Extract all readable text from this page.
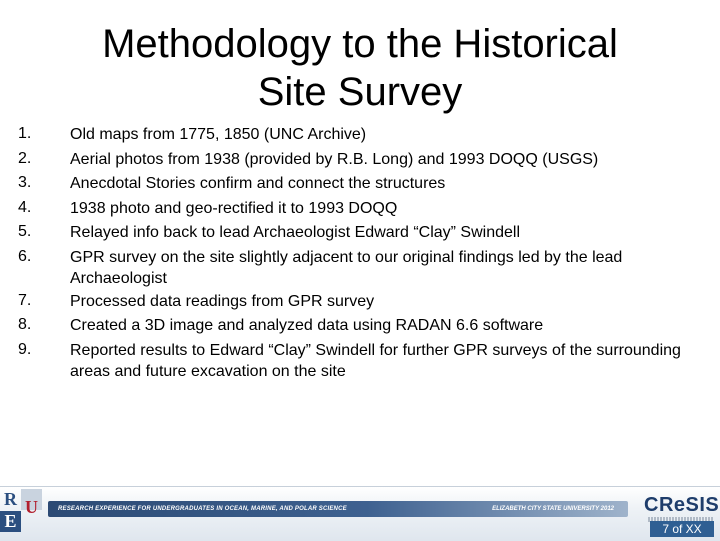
Methodology to the Historical
Site Survey
1.	Old maps from 1775, 1850 (UNC Archive)
2.	Aerial photos from 1938 (provided by R.B. Long) and 1993 DOQQ (USGS)
3.	Anecdotal Stories confirm and connect the structures
4.	1938 photo and geo-rectified it to 1993 DOQQ
5.	Relayed info back to lead Archaeologist Edward “Clay” Swindell
6.	GPR survey on the site slightly adjacent to our original findings led by the lead Archaeologist
7.	Processed data readings from GPR survey
8.	Created a 3D image and analyzed data using RADAN 6.6 software
9.	Reported results to Edward “Clay” Swindell for further GPR surveys of the surrounding areas and future excavation on the site
R
E
U	RESEARCH EXPERIENCE FOR UNDERGRADUATES IN OCEAN, MARINE, AND POLAR SCIENCE	ELIZABETH CITY STATE UNIVERSITY 2012 CReSIS
7 of XX
